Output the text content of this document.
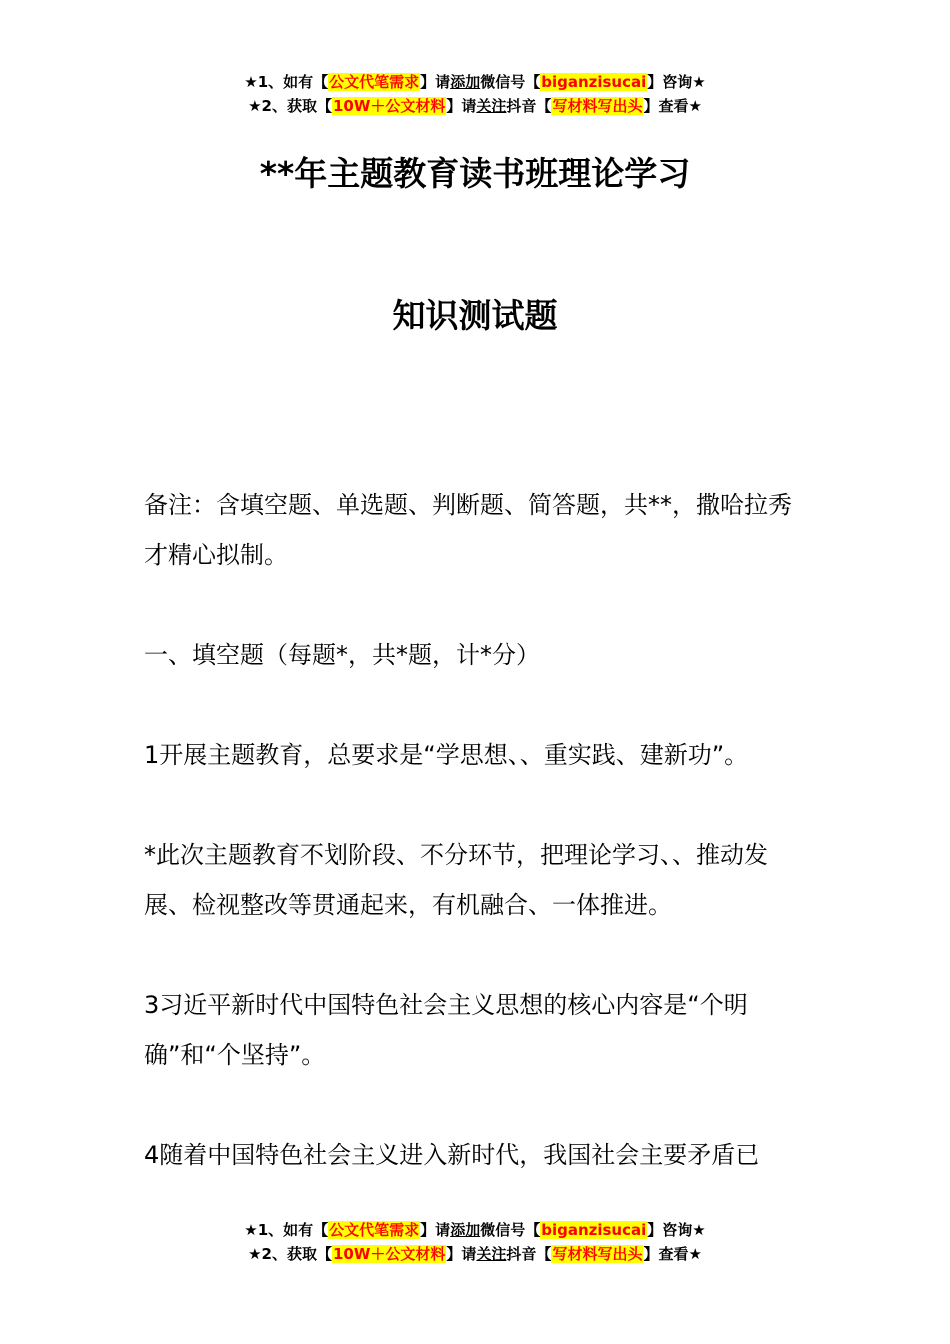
★1、如有【公文代笔需求】请添加微信号【biganzisucai】咨询★
★2、获取【10W＋公文材料】请关注抖音【写材料写出头】查看★
**年主题教育读书班理论学习
知识测试题

备注：含填空题、单选题、判断题、简答题，共**，撒哈拉秀才精心拟制。

一、填空题（每题*，共*题，计*分）

1开展主题教育，总要求是“学思想、、重实践、建新功”。

*此次主题教育不划阶段、不分环节，把理论学习、、推动发展、检视整改等贯通起来，有机融合、一体推进。

3习近平新时代中国特色社会主义思想的核心内容是“个明确”和“个坚持”。

4随着中国特色社会主义进入新时代，我国社会主要矛盾已

★1、如有【公文代笔需求】请添加微信号【biganzisucai】咨询★
★2、获取【10W＋公文材料】请关注抖音【写材料写出头】查看★
